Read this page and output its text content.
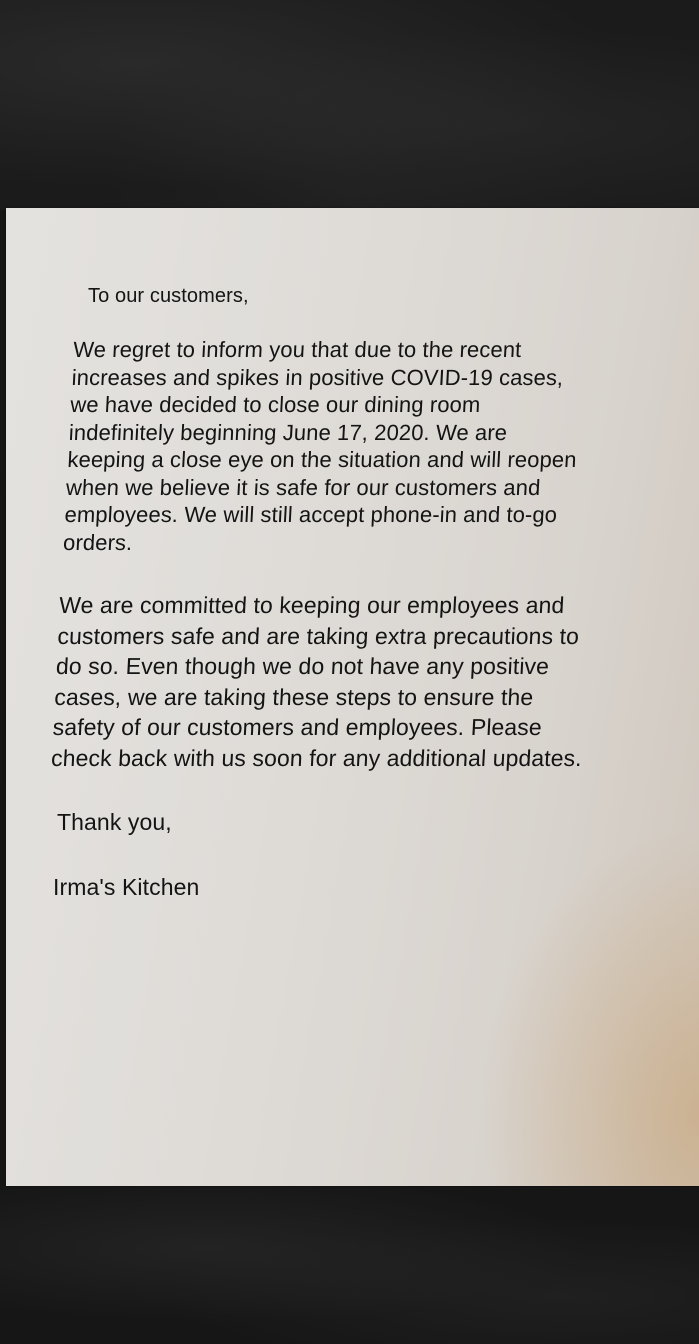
To our customers,
We regret to inform you that due to the recent
increases and spikes in positive COVID-19 cases,
we have decided to close our dining room
indefinitely beginning June 17, 2020. We are
keeping a close eye on the situation and will reopen
when we believe it is safe for our customers and
employees. We will still accept phone-in and to-go
orders.
We are committed to keeping our employees and
customers safe and are taking extra precautions to
do so. Even though we do not have any positive
cases, we are taking these steps to ensure the
safety of our customers and employees. Please
check back with us soon for any additional updates.
Thank you,
Irma's Kitchen
